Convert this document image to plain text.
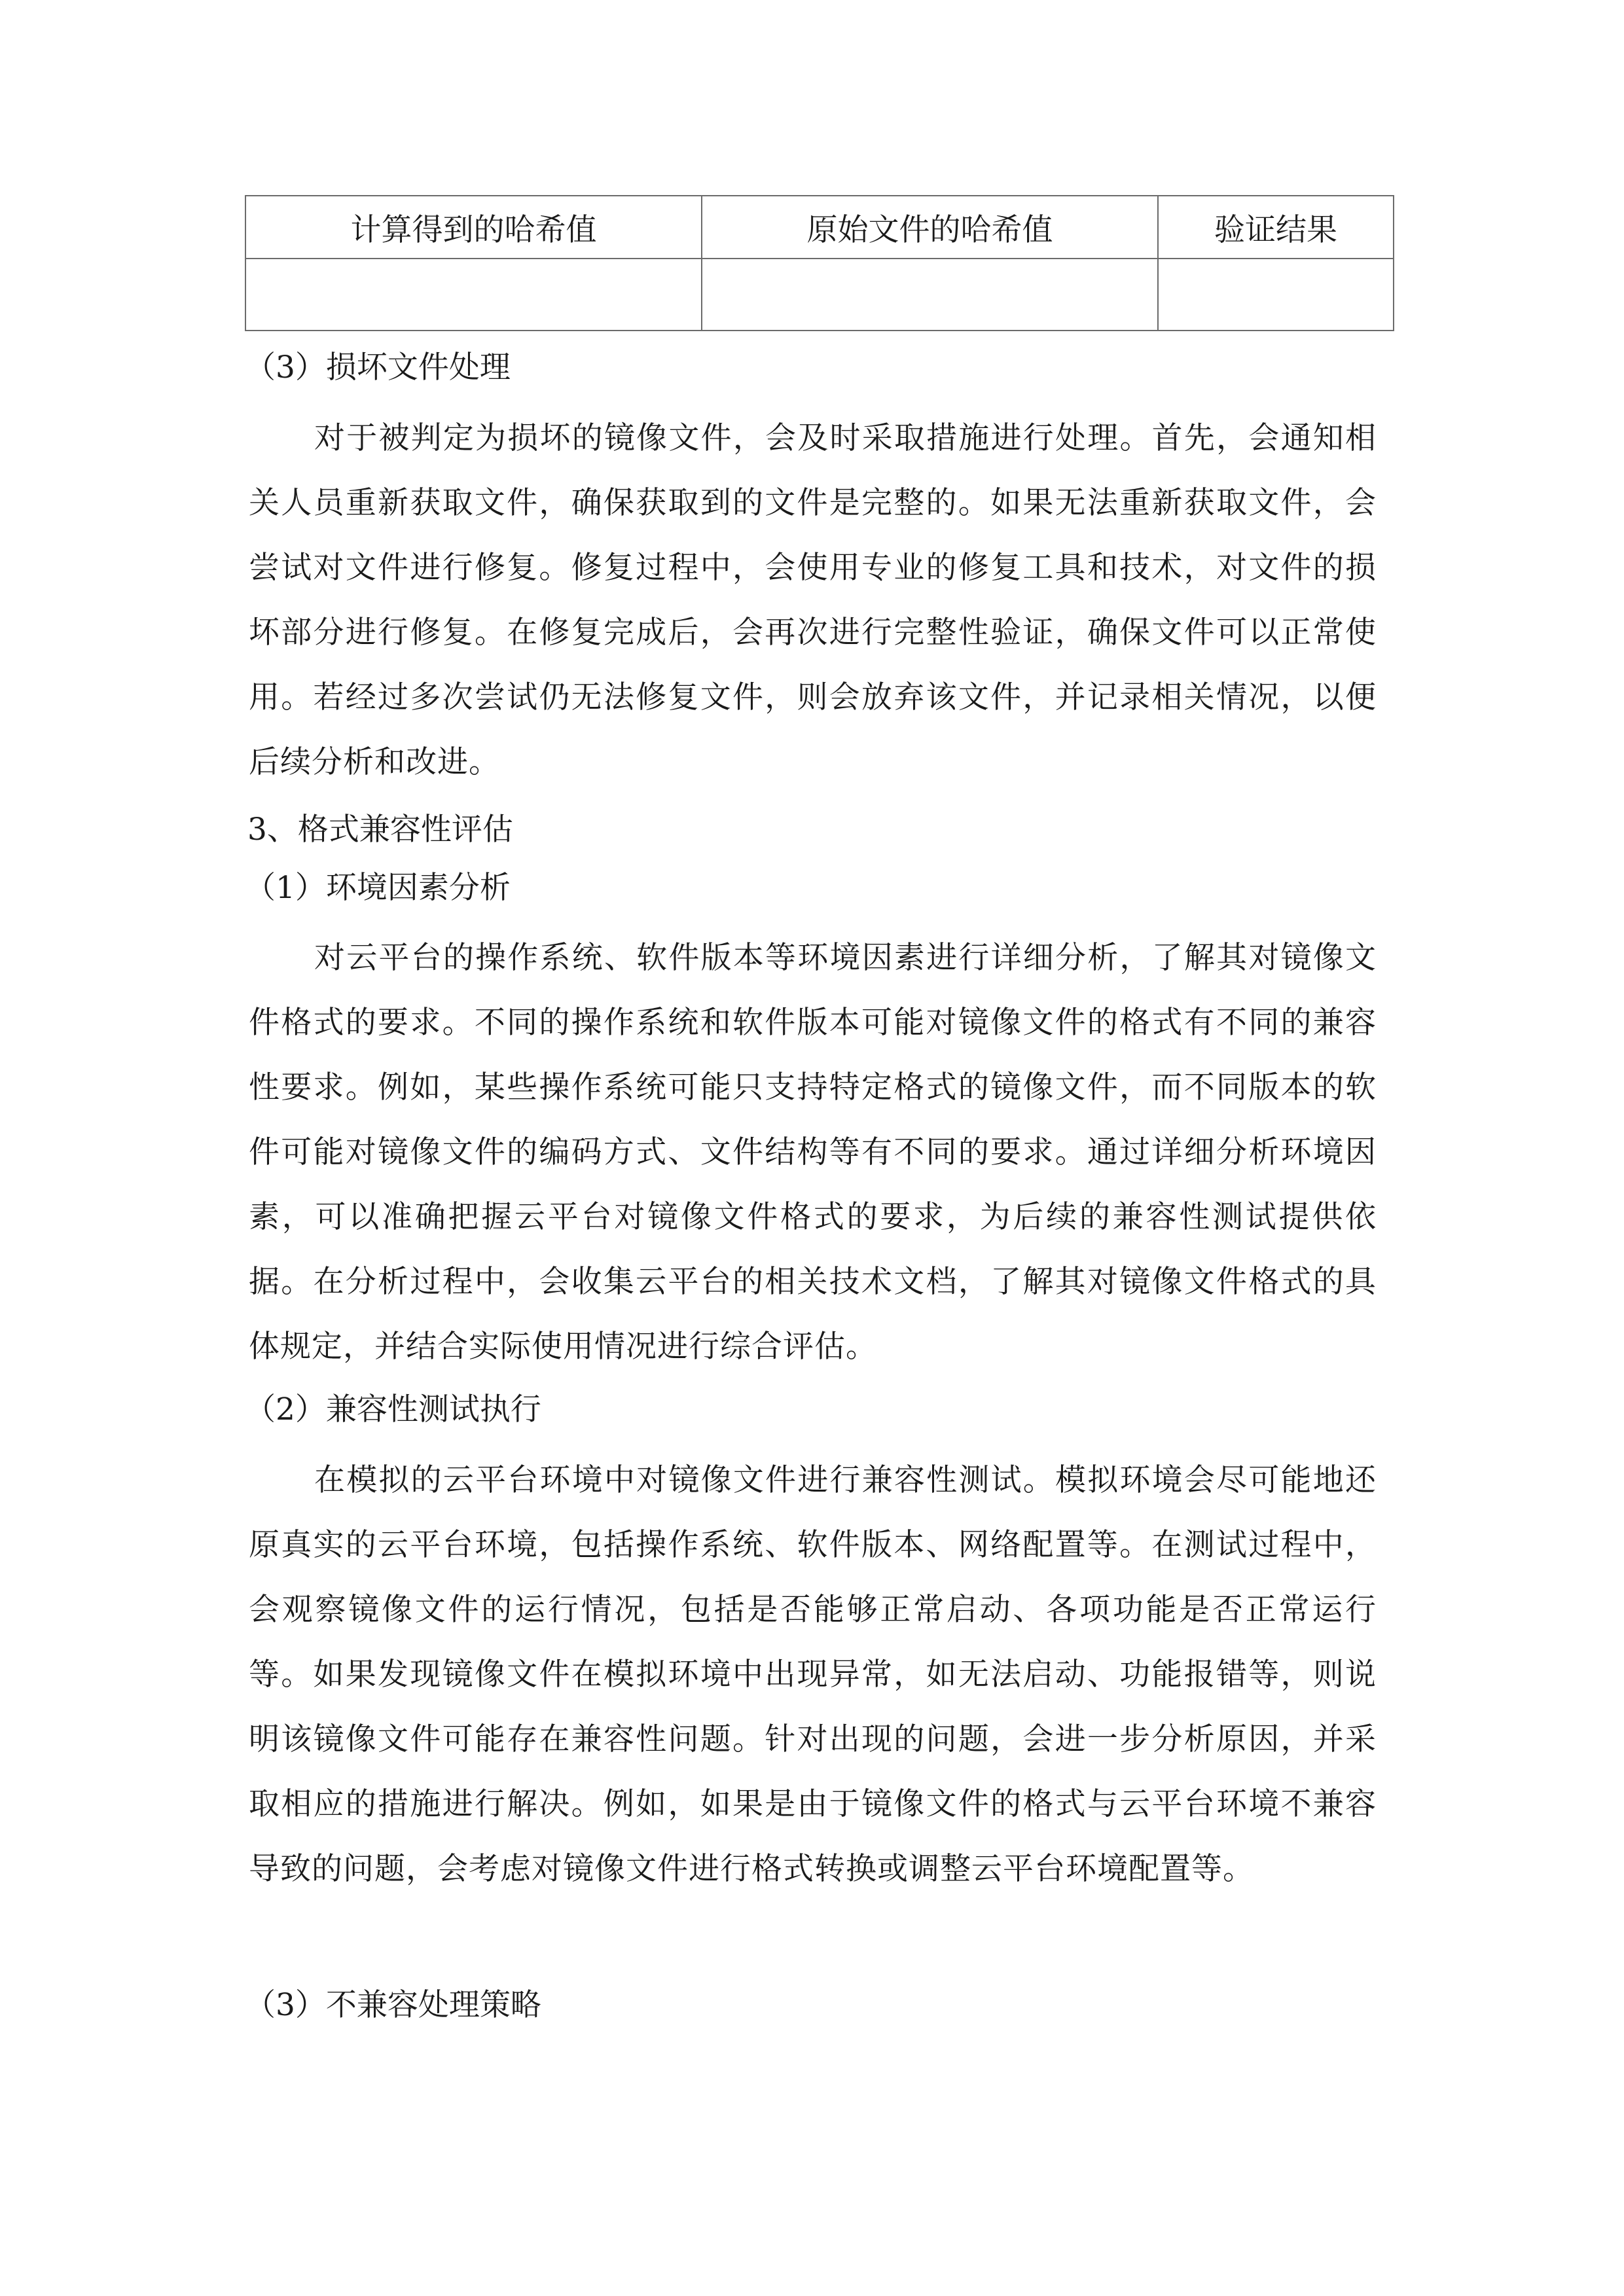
计算得到的哈希值	原始文件的哈希值	验证结果

（3）损坏文件处理

对于被判定为损坏的镜像文件，会及时采取措施进行处理。首先，会通知相关人员重新获取文件，确保获取到的文件是完整的。如果无法重新获取文件，会尝试对文件进行修复。修复过程中，会使用专业的修复工具和技术，对文件的损坏部分进行修复。在修复完成后，会再次进行完整性验证，确保文件可以正常使用。若经过多次尝试仍无法修复文件，则会放弃该文件，并记录相关情况，以便后续分析和改进。

3、格式兼容性评估
（1）环境因素分析

对云平台的操作系统、软件版本等环境因素进行详细分析，了解其对镜像文件格式的要求。不同的操作系统和软件版本可能对镜像文件的格式有不同的兼容性要求。例如，某些操作系统可能只支持特定格式的镜像文件，而不同版本的软件可能对镜像文件的编码方式、文件结构等有不同的要求。通过详细分析环境因素，可以准确把握云平台对镜像文件格式的要求，为后续的兼容性测试提供依据。在分析过程中，会收集云平台的相关技术文档，了解其对镜像文件格式的具体规定，并结合实际使用情况进行综合评估。

（2）兼容性测试执行

在模拟的云平台环境中对镜像文件进行兼容性测试。模拟环境会尽可能地还原真实的云平台环境，包括操作系统、软件版本、网络配置等。在测试过程中，会观察镜像文件的运行情况，包括是否能够正常启动、各项功能是否正常运行等。如果发现镜像文件在模拟环境中出现异常，如无法启动、功能报错等，则说明该镜像文件可能存在兼容性问题。针对出现的问题，会进一步分析原因，并采取相应的措施进行解决。例如，如果是由于镜像文件的格式与云平台环境不兼容导致的问题，会考虑对镜像文件进行格式转换或调整云平台环境配置等。

（3）不兼容处理策略
